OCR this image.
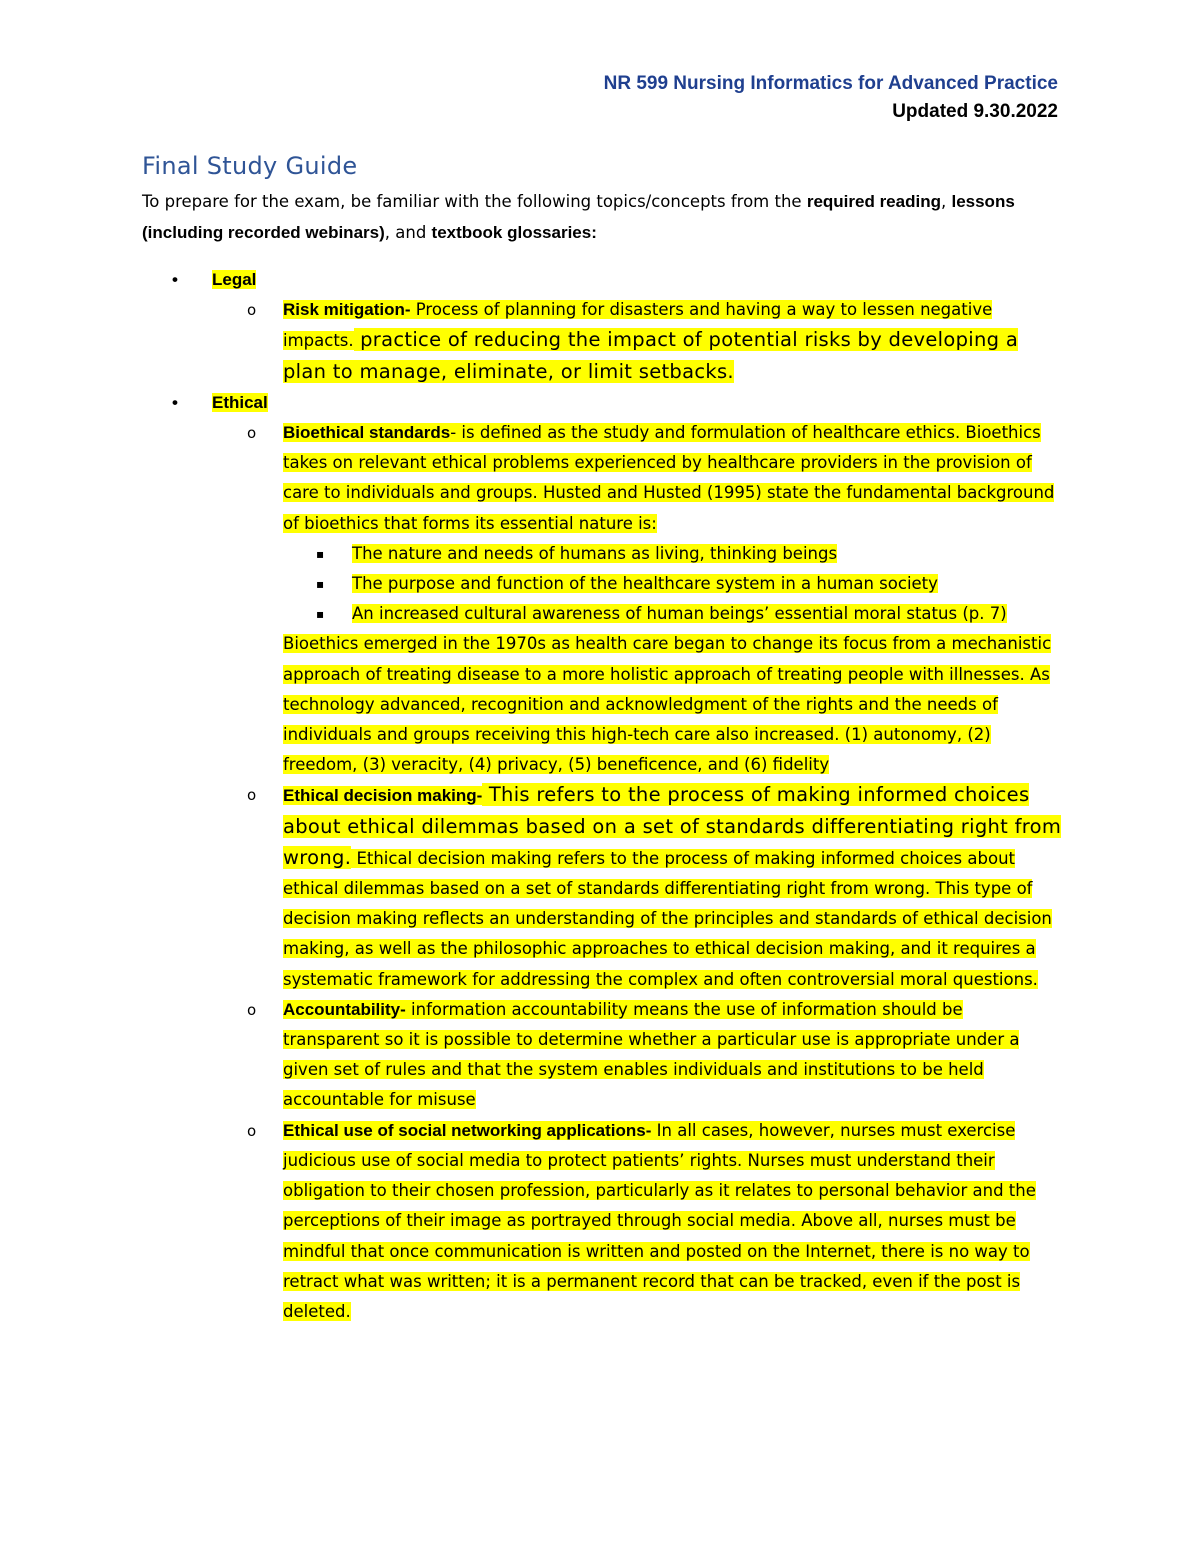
NR 599 Nursing Informatics for Advanced Practice
Updated 9.30.2022
Final Study Guide
To prepare for the exam, be familiar with the following topics/concepts from the required reading, lessons (including recorded webinars), and textbook glossaries:
• Legal
o Risk mitigation- Process of planning for disasters and having a way to lessen negative impacts. practice of reducing the impact of potential risks by developing a plan to manage, eliminate, or limit setbacks.
• Ethical
o Bioethical standards- is defined as the study and formulation of healthcare ethics. Bioethics takes on relevant ethical problems experienced by healthcare providers in the provision of care to individuals and groups. Husted and Husted (1995) state the fundamental background of bioethics that forms its essential nature is:
▪ The nature and needs of humans as living, thinking beings
▪ The purpose and function of the healthcare system in a human society
▪ An increased cultural awareness of human beings’ essential moral status (p. 7)
Bioethics emerged in the 1970s as health care began to change its focus from a mechanistic approach of treating disease to a more holistic approach of treating people with illnesses. As technology advanced, recognition and acknowledgment of the rights and the needs of individuals and groups receiving this high-tech care also increased. (1) autonomy, (2) freedom, (3) veracity, (4) privacy, (5) beneficence, and (6) fidelity
o Ethical decision making- This refers to the process of making informed choices about ethical dilemmas based on a set of standards differentiating right from wrong. Ethical decision making refers to the process of making informed choices about ethical dilemmas based on a set of standards differentiating right from wrong. This type of decision making reflects an understanding of the principles and standards of ethical decision making, as well as the philosophic approaches to ethical decision making, and it requires a systematic framework for addressing the complex and often controversial moral questions.
o Accountability- information accountability means the use of information should be transparent so it is possible to determine whether a particular use is appropriate under a given set of rules and that the system enables individuals and institutions to be held accountable for misuse
o Ethical use of social networking applications- In all cases, however, nurses must exercise judicious use of social media to protect patients’ rights. Nurses must understand their obligation to their chosen profession, particularly as it relates to personal behavior and the perceptions of their image as portrayed through social media. Above all, nurses must be mindful that once communication is written and posted on the Internet, there is no way to retract what was written; it is a permanent record that can be tracked, even if the post is deleted.
